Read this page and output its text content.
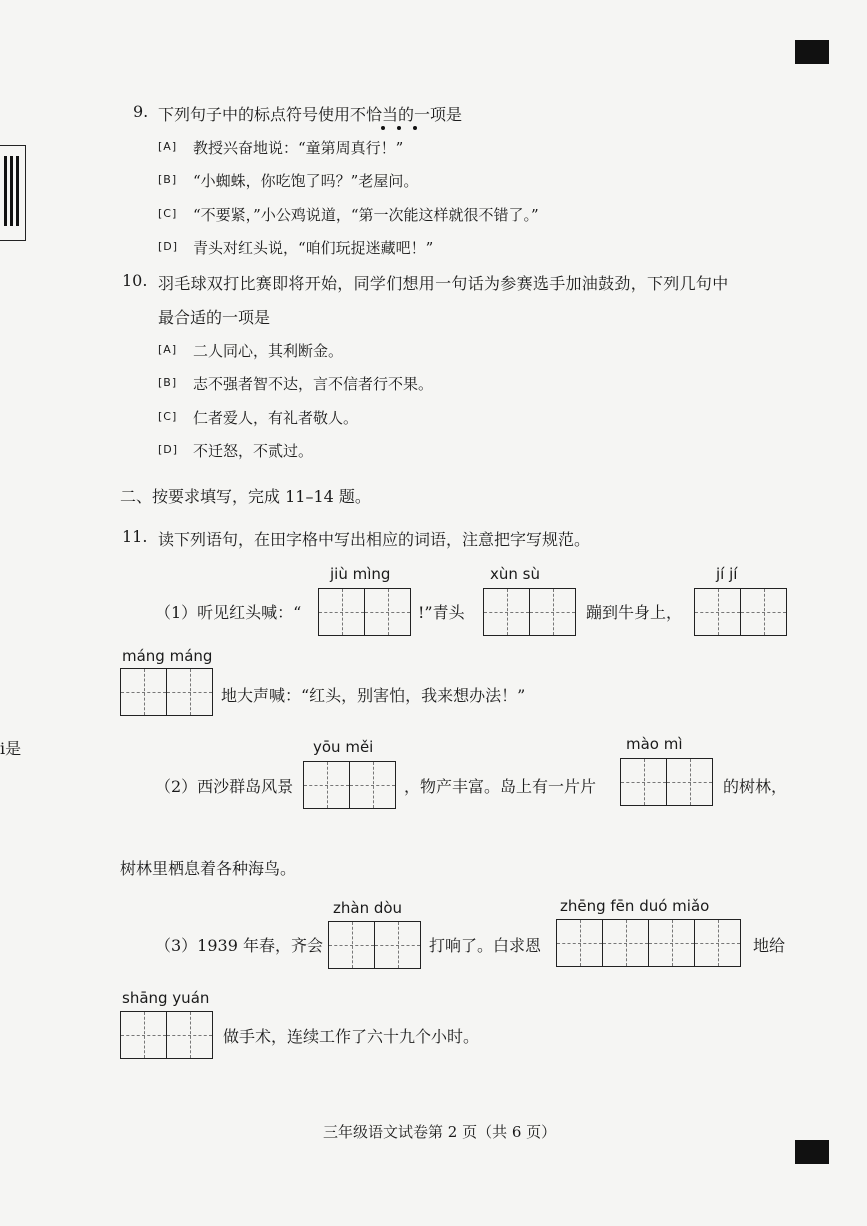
i是
9. 下列句子中的标点符号使用不恰当的一项是
[A] 教授兴奋地说：“童第周真行！”
[B] “小蜘蛛，你吃饱了吗？”老屋问。
[C] “不要紧，”小公鸡说道，“第一次能这样就很不错了。”
[D] 青头对红头说，“咱们玩捉迷藏吧！”
10. 羽毛球双打比赛即将开始，同学们想用一句话为参赛选手加油鼓劲，下列几句中
最合适的一项是
[A] 二人同心，其利断金。
[B] 志不强者智不达，言不信者行不果。
[C] 仁者爱人，有礼者敬人。
[D] 不迁怒，不贰过。
二、按要求填写，完成 11–14 题。
11. 读下列语句，在田字格中写出相应的词语，注意把字写规范。
（1）听见红头喊：“
jiù mìng
!”青头
xùn sù
蹦到牛身上，
jí jí
máng máng
地大声喊：“红头，别害怕，我来想办法！”
（2）西沙群岛风景
yōu měi
，物产丰富。岛上有一片片
mào mì
的树林，
树林里栖息着各种海鸟。
（3）1939 年春，齐会
zhàn dòu
打响了。白求恩
zhēng fēn duó miǎo
地给
shāng yuán
做手术，连续工作了六十九个小时。
三年级语文试卷第 2 页（共 6 页）
